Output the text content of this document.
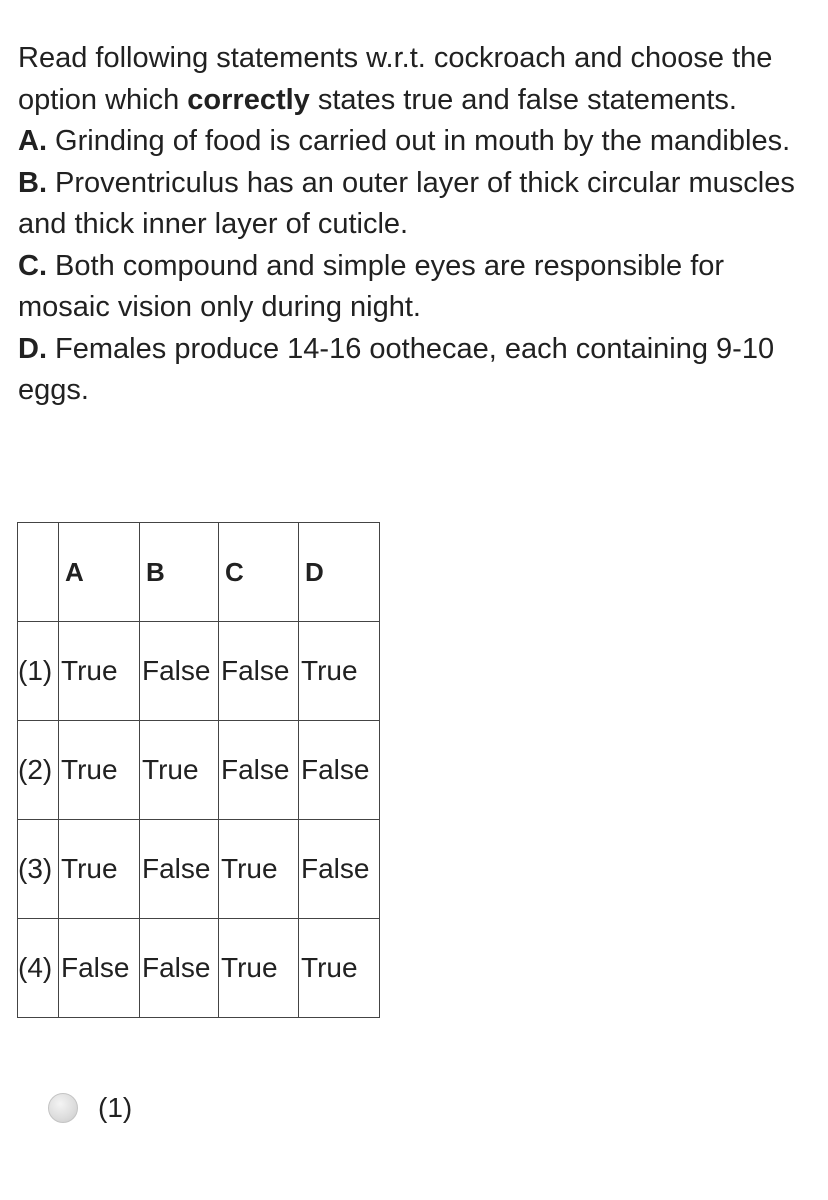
Read following statements w.r.t. cockroach and choose the option which correctly states true and false statements.

A. Grinding of food is carried out in mouth by the mandibles.

B. Proventriculus has an outer layer of thick circular muscles and thick inner layer of cuticle.

C. Both compound and simple eyes are responsible for mosaic vision only during night.

D. Females produce 14-16 oothecae, each containing 9-10 eggs.

	A	B	C	D
(1)	True	False	False	True
(2)	True	True	False	False
(3)	True	False	True	False
(4)	False	False	True	True
(1)
